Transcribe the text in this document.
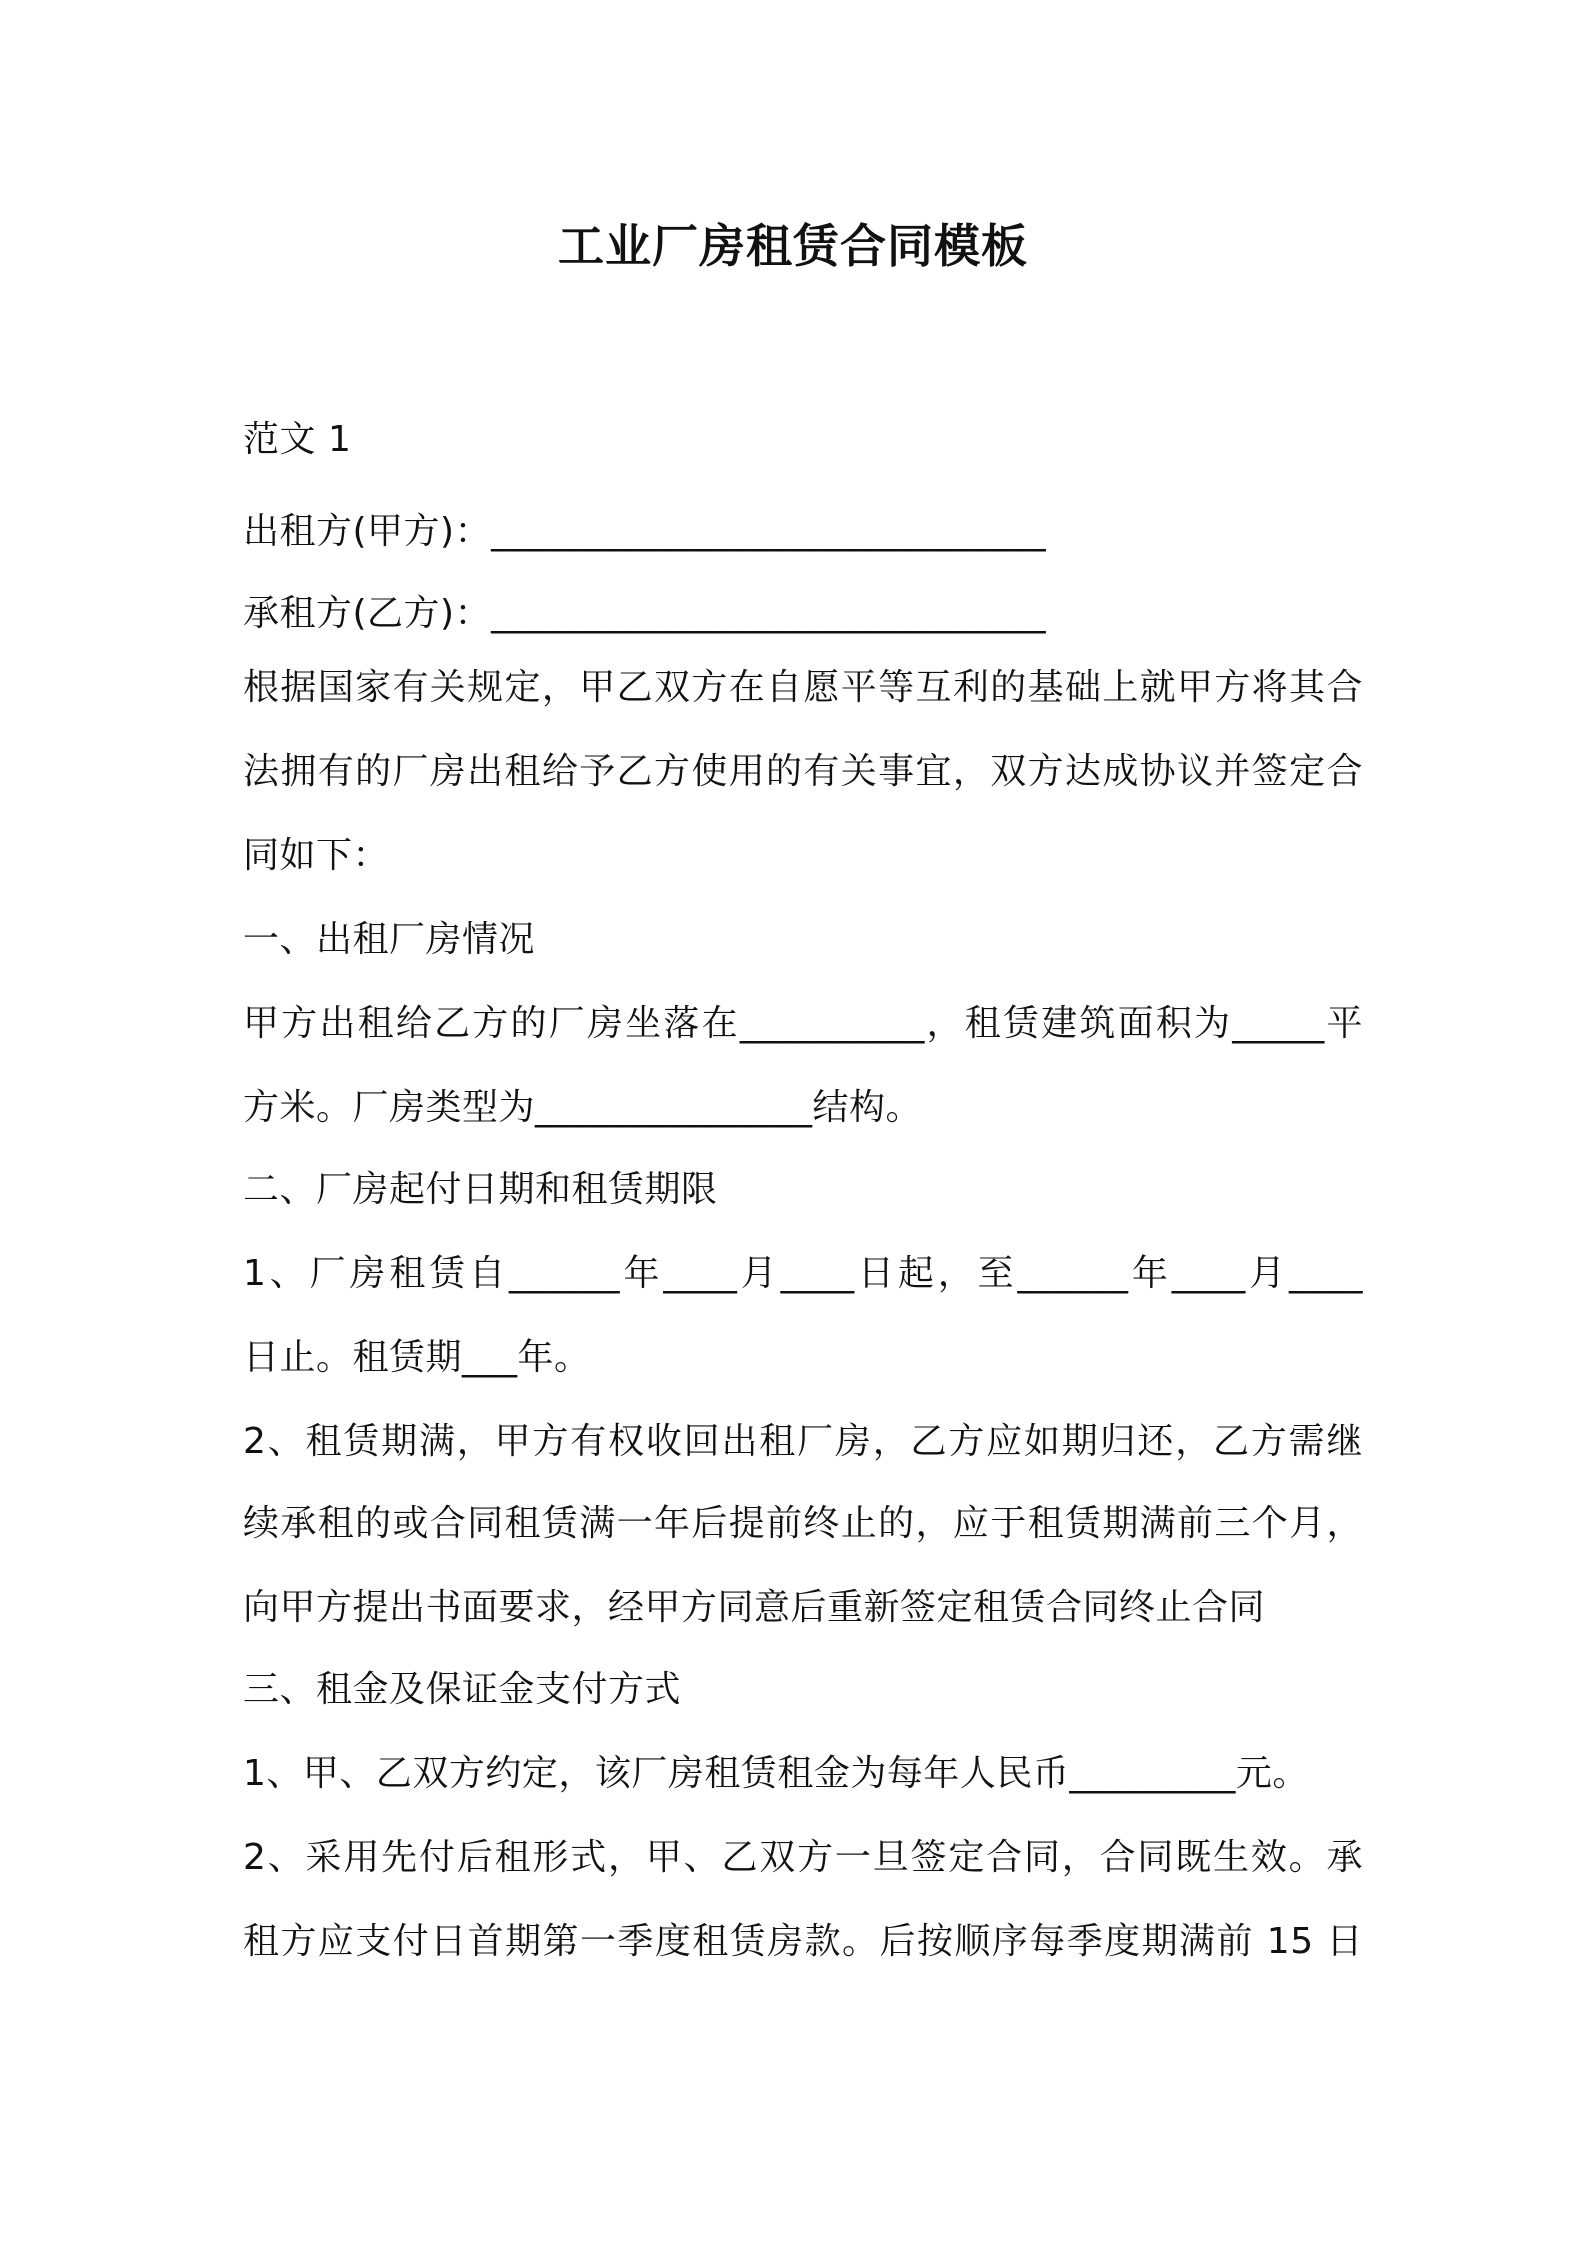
工业厂房租赁合同模板
范文 1
出租方(甲方)：______________________________
承租方(乙方)：______________________________
根据国家有关规定，甲乙双方在自愿平等互利的基础上就甲方将其合
法拥有的厂房出租给予乙方使用的有关事宜，双方达成协议并签定合
同如下：
一、出租厂房情况
甲方出租给乙方的厂房坐落在__________，租赁建筑面积为_____平
方米。厂房类型为_______________结构。
二、厂房起付日期和租赁期限
1、厂房租赁自______年____月____日起，至______年____月____
日止。租赁期___年。
2、租赁期满，甲方有权收回出租厂房，乙方应如期归还，乙方需继
续承租的或合同租赁满一年后提前终止的，应于租赁期满前三个月，
向甲方提出书面要求，经甲方同意后重新签定租赁合同终止合同
三、租金及保证金支付方式
1、甲、乙双方约定，该厂房租赁租金为每年人民币_________元。
2、采用先付后租形式，甲、乙双方一旦签定合同，合同既生效。承
租方应支付日首期第一季度租赁房款。后按顺序每季度期满前 15 日
